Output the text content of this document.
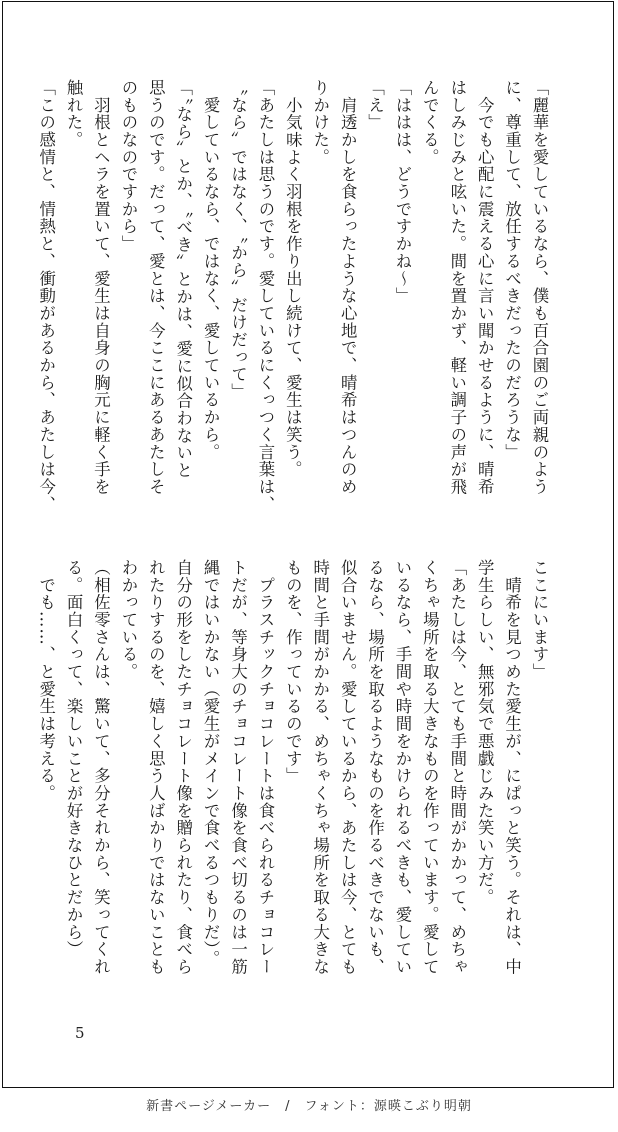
「麗華を愛しているなら、僕も百合園のご両親のよう
に、尊重して、放任するべきだったのだろうな」
　今でも心配に震える心に言い聞かせるように、晴希
はしみじみと呟いた。間を置かず、軽い調子の声が飛
んでくる。
「ははは、どうですかね〜」
「え」
　肩透かしを食らったような心地で、晴希はつんのめ
りかけた。
　小気味よく羽根を作り出し続けて、愛生は笑う。
「あたしは思うのです。愛しているにくっつく言葉は、
〝なら〟ではなく、〝から〟だけだって」
　愛しているなら、ではなく、愛しているから。
「〝なら〟とか、〝べき〟とかは、愛に似合わないと
思うのです。だって、愛とは、今ここにあるあたしそ
のものなのですから」
　羽根とヘラを置いて、愛生は自身の胸元に軽く手を
触れた。
「この感情と、情熱と、衝動があるから、あたしは今、
ここにいます」
　晴希を見つめた愛生が、にぱっと笑う。それは、中
学生らしい、無邪気で悪戯じみた笑い方だ。
「あたしは今、とても手間と時間がかかって、めちゃ
くちゃ場所を取る大きなものを作っています。愛して
いるなら、手間や時間をかけられるべきも、愛してい
るなら、場所を取るようなものを作るべきでないも、
似合いません。愛しているから、あたしは今、とても
時間と手間がかかる、めちゃくちゃ場所を取る大きな
ものを、作っているのです」
　プラスチックチョコレートは食べられるチョコレー
トだが、等身大のチョコレート像を食べ切るのは一筋
縄ではいかない（愛生がメインで食べるつもりだ）。
自分の形をしたチョコレート像を贈られたり、食べら
れたりするのを、嬉しく思う人ばかりではないことも
わかっている。
（相佐零さんは、驚いて、多分それから、笑ってくれ
る。面白くって、楽しいことが好きなひとだから）
　でも……、と愛生は考える。
5
新書ページメーカー　/　フォント：源暎こぶり明朝
